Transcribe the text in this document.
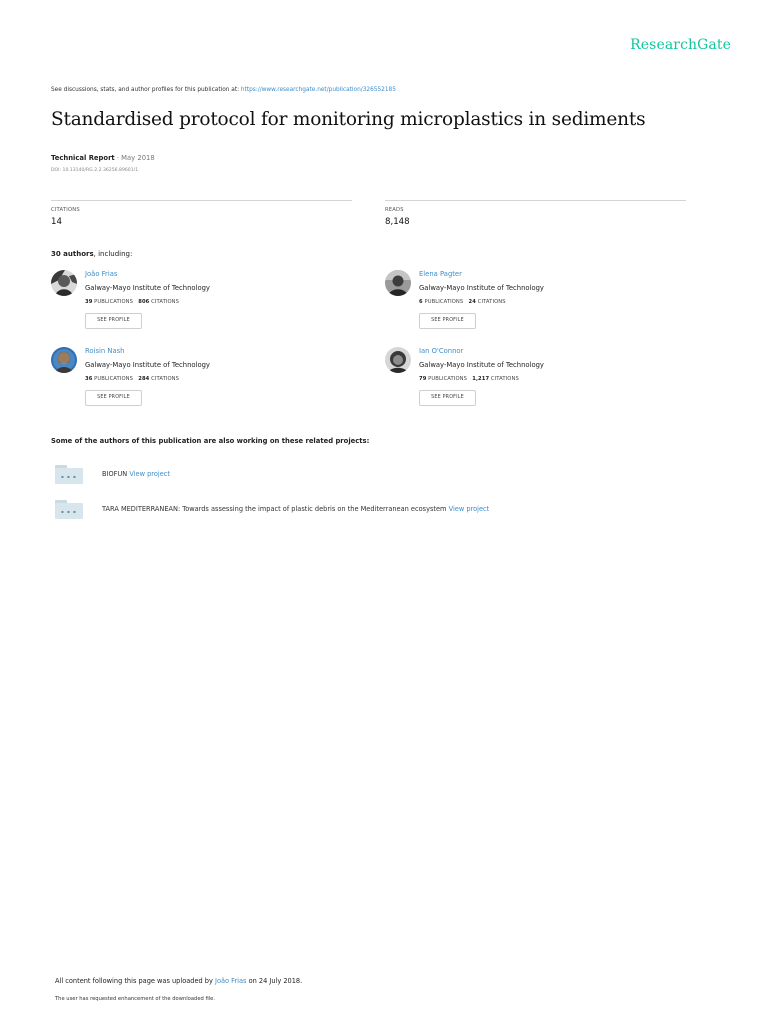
ResearchGate
See discussions, stats, and author profiles for this publication at: https://www.researchgate.net/publication/326552185
Standardised protocol for monitoring microplastics in sediments
Technical Report · May 2018
DOI: 10.13140/RG.2.2.36256.89601/1
CITATIONS
14
READS
8,148
30 authors, including:
João Frias
Galway-Mayo Institute of Technology
39 PUBLICATIONS 806 CITATIONS
SEE PROFILE
Elena Pagter
Galway-Mayo Institute of Technology
6 PUBLICATIONS 24 CITATIONS
SEE PROFILE
Roisin Nash
Galway-Mayo Institute of Technology
36 PUBLICATIONS 284 CITATIONS
SEE PROFILE
Ian O'Connor
Galway-Mayo Institute of Technology
79 PUBLICATIONS 1,217 CITATIONS
SEE PROFILE
Some of the authors of this publication are also working on these related projects:
▪ ▪ ▪	BIOFUN View project
▪ ▪ ▪	TARA MEDITERRANEAN: Towards assessing the impact of plastic debris on the Mediterranean ecosystem View project
All content following this page was uploaded by João Frias on 24 July 2018.
The user has requested enhancement of the downloaded file.
